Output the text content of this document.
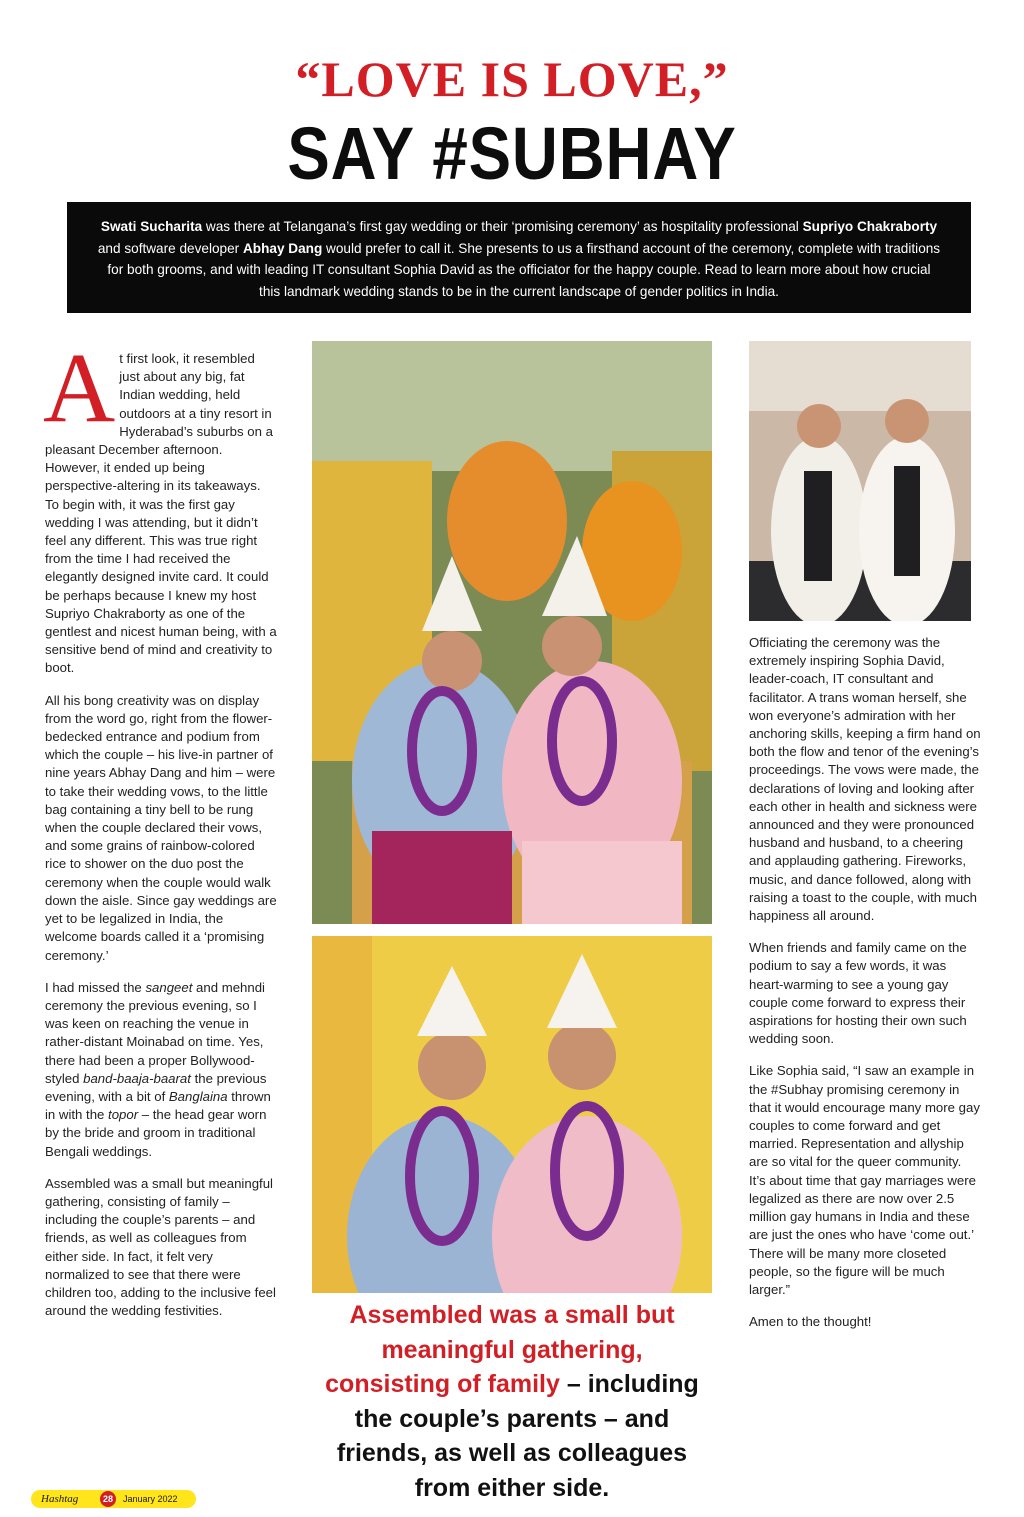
“LOVE IS LOVE,”
SAY #SUBHAY
Swati Sucharita was there at Telangana’s first gay wedding or their ‘promising ceremony’ as hospitality professional Supriyo Chakraborty and software developer Abhay Dang would prefer to call it. She presents to us a firsthand account of the ceremony, complete with traditions for both grooms, and with leading IT consultant Sophia David as the officiator for the happy couple. Read to learn more about how crucial this landmark wedding stands to be in the current landscape of gender politics in India.

At first look, it resembled just about any big, fat Indian wedding, held outdoors at a tiny resort in Hyderabad’s suburbs on a pleasant December afternoon. However, it ended up being perspective-altering in its takeaways. To begin with, it was the first gay wedding I was attending, but it didn’t feel any different. This was true right from the time I had received the elegantly designed invite card. It could be perhaps because I knew my host Supriyo Chakraborty as one of the gentlest and nicest human being, with a sensitive bend of mind and creativity to boot.

All his bong creativity was on display from the word go, right from the flower-bedecked entrance and podium from which the couple – his live-in partner of nine years Abhay Dang and him – were to take their wedding vows, to the little bag containing a tiny bell to be rung when the couple declared their vows, and some grains of rainbow-colored rice to shower on the duo post the ceremony when the couple would walk down the aisle. Since gay weddings are yet to be legalized in India, the welcome boards called it a ‘promising ceremony.’

I had missed the sangeet and mehndi ceremony the previous evening, so I was keen on reaching the venue in rather-distant Moinabad on time. Yes, there had been a proper Bollywood-styled band-baaja-baarat the previous evening, with a bit of Banglaina thrown in with the topor – the head gear worn by the bride and groom in traditional Bengali weddings.

Assembled was a small but meaningful gathering, consisting of family – including the couple’s parents – and friends, as well as colleagues from either side. In fact, it felt very normalized to see that there were children too, adding to the inclusive feel around the wedding festivities.	Assembled was a small but meaningful gathering, consisting of family – including the couple’s parents – and friends, as well as colleagues from either side.

Officiating the ceremony was the extremely inspiring Sophia David, leader-coach, IT consultant and facilitator. A trans woman herself, she won everyone’s admiration with her anchoring skills, keeping a firm hand on both the flow and tenor of the evening’s proceedings. The vows were made, the declarations of loving and looking after each other in health and sickness were announced and they were pronounced husband and husband, to a cheering and applauding gathering. Fireworks, music, and dance followed, along with raising a toast to the couple, with much happiness all around.

When friends and family came on the podium to say a few words, it was heart-warming to see a young gay couple come forward to express their aspirations for hosting their own such wedding soon.

Like Sophia said, “I saw an example in the #Subhay promising ceremony in that it would encourage many more gay couples to come forward and get married. Representation and allyship are so vital for the queer community. It’s about time that gay marriages were legalized as there are now over 2.5 million gay humans in India and these are just the ones who have ‘come out.’ There will be many more closeted people, so the figure will be much larger.”

Amen to the thought!

Hashtag	28	January 2022
